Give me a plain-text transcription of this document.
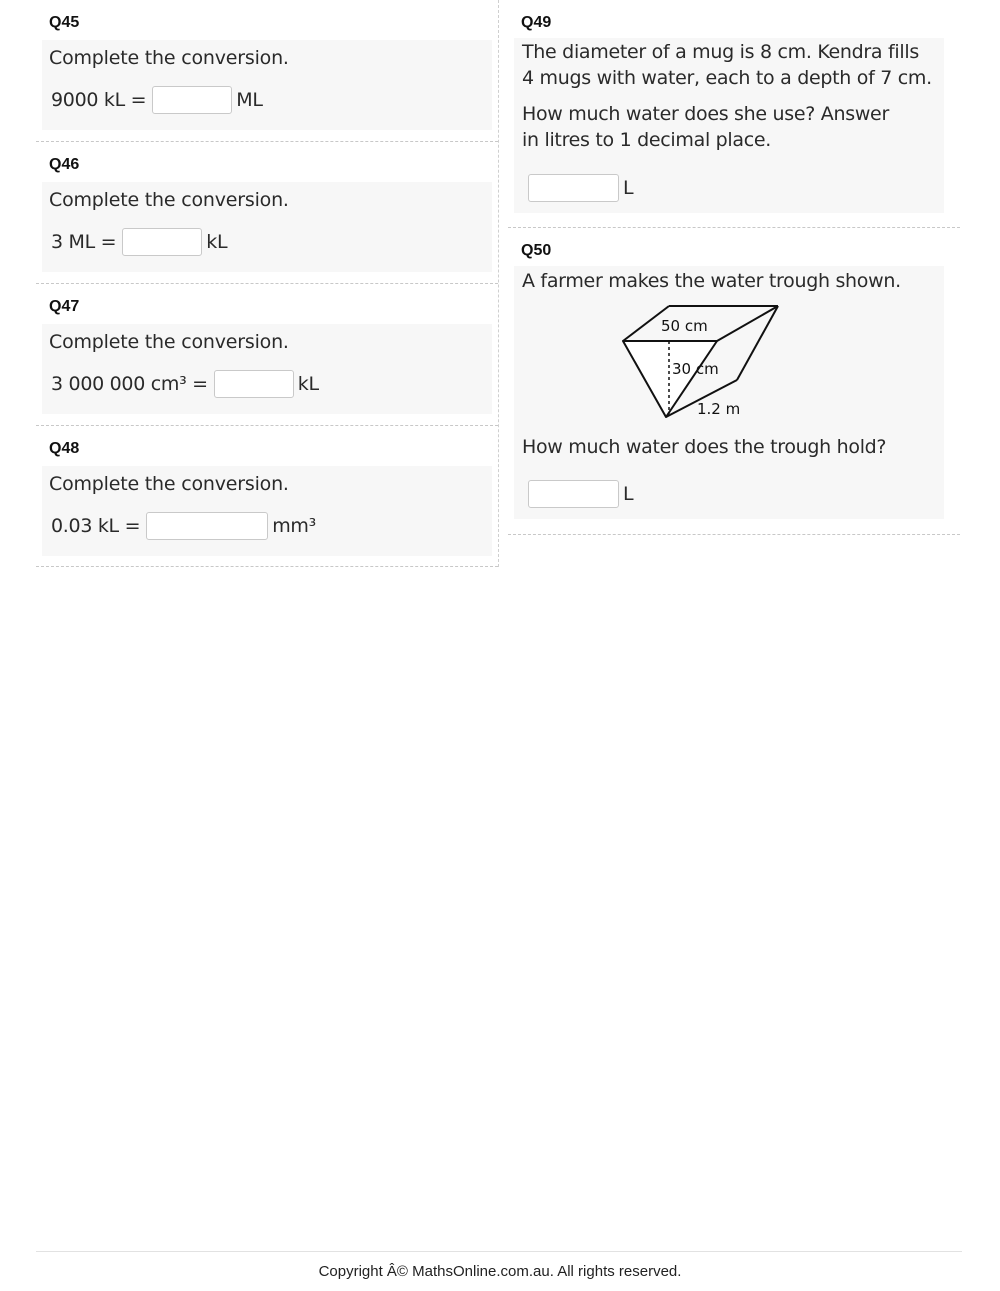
Q45
Complete the conversion.
9000 kL =	ML
Q46
Complete the conversion.
3 ML =	kL
Q47
Complete the conversion.
3 000 000 cm³ =	kL
Q48
Complete the conversion.
0.03 kL =	mm³
Q49
The diameter of a mug is 8 cm. Kendra fills
4 mugs with water, each to a depth of 7 cm.
How much water does she use? Answer
in litres to 1 decimal place.
L
Q50
A farmer makes the water trough shown.
50 cm
30 cm
1.2 m
How much water does the trough hold?
L
Copyright Â© MathsOnline.com.au. All rights reserved.
